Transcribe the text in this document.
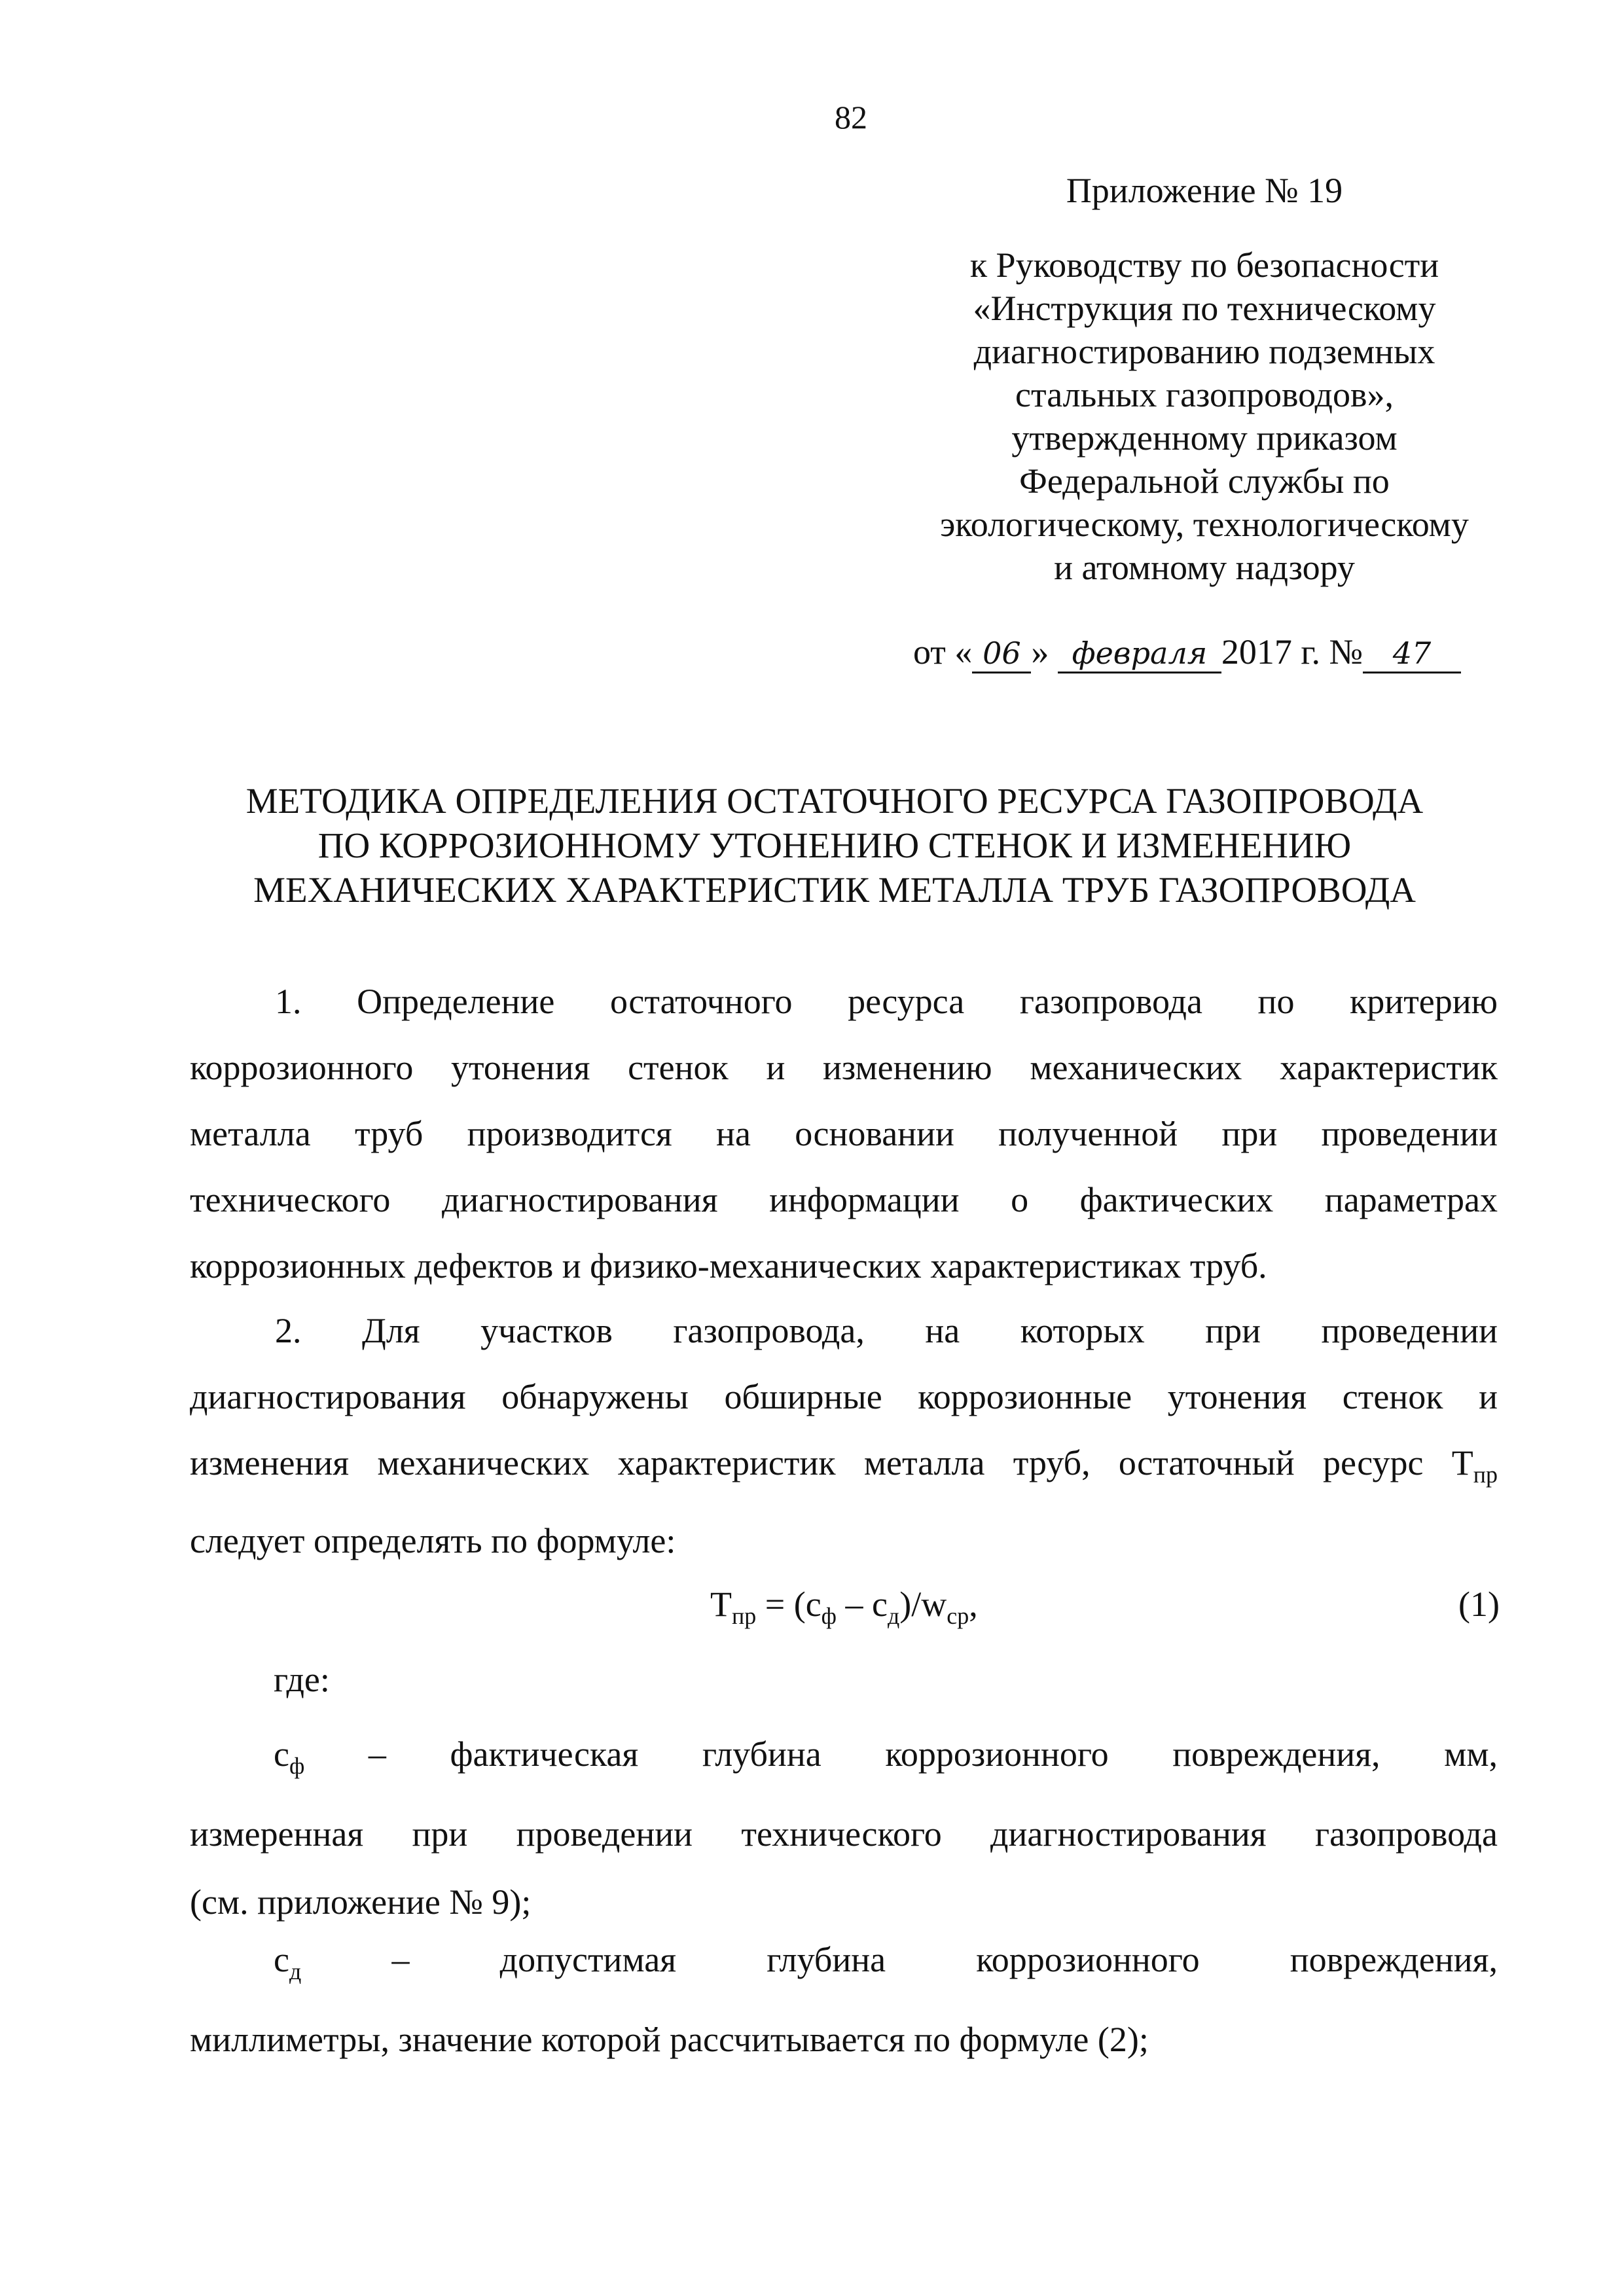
82
Приложение № 19
к Руководству по безопасности
«Инструкция по техническому
диагностированию подземных
стальных газопроводов»,
утвержденному приказом
Федеральной службы по
экологическому, технологическому
и атомному надзору
от « 06 » февраля 2017 г. № 47
МЕТОДИКА ОПРЕДЕЛЕНИЯ ОСТАТОЧНОГО РЕСУРСА ГАЗОПРОВОДА
ПО КОРРОЗИОННОМУ УТОНЕНИЮ СТЕНОК И ИЗМЕНЕНИЮ
МЕХАНИЧЕСКИХ ХАРАКТЕРИСТИК МЕТАЛЛА ТРУБ ГАЗОПРОВОДА
1. Определение остаточного ресурса газопровода по критерию
коррозионного утонения стенок и изменению механических характеристик
металла труб производится на основании полученной при проведении
технического диагностирования информации о фактических параметрах
коррозионных дефектов и физико-механических характеристиках труб.
2. Для участков газопровода, на которых при проведении
диагностирования обнаружены обширные коррозионные утонения стенок и
изменения механических характеристик металла труб, остаточный ресурс $T_{пр}$
следует определять по формуле:
$T_{пр} = (c_ф - c_д)/w_{ср}$,	(1)
где:
$c_ф$ – фактическая глубина коррозионного повреждения, мм,
измеренная при проведении технического диагностирования газопровода
(см. приложение № 9);
$c_д$	–	допустимая	глубина	коррозионного	повреждения,
миллиметры, значение которой рассчитывается по формуле (2);
